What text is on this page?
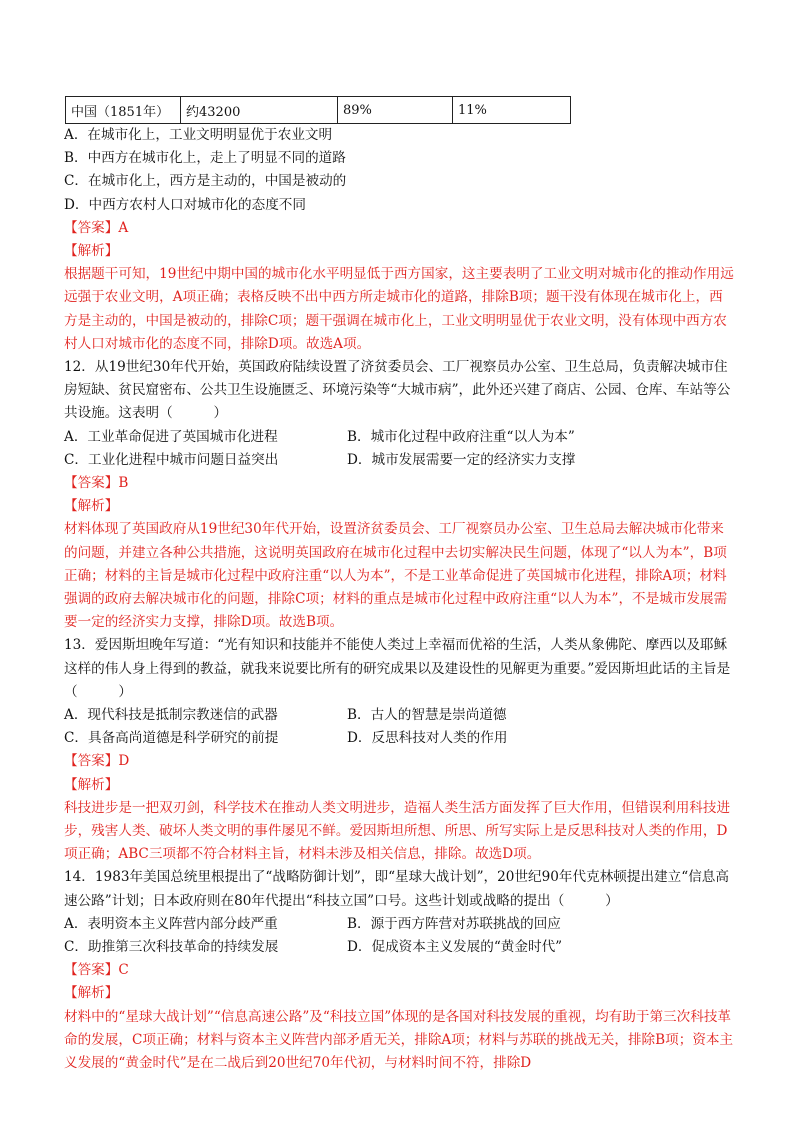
中国（1851年）	约43200	89%	11%
A．在城市化上，工业文明明显优于农业文明
B．中西方在城市化上，走上了明显不同的道路
C．在城市化上，西方是主动的，中国是被动的
D．中西方农村人口对城市化的态度不同
【答案】A
【解析】
根据题干可知，19世纪中期中国的城市化水平明显低于西方国家，这主要表明了工业文明对城市化的推动作用远远强于农业文明，A项正确；表格反映不出中西方所走城市化的道路，排除B项；题干没有体现在城市化上，西方是主动的，中国是被动的，排除C项；题干强调在城市化上，工业文明明显优于农业文明，没有体现中西方农村人口对城市化的态度不同，排除D项。故选A项。
12．从19世纪30年代开始，英国政府陆续设置了济贫委员会、工厂视察员办公室、卫生总局，负责解决城市住房短缺、贫民窟密布、公共卫生设施匮乏、环境污染等“大城市病”，此外还兴建了商店、公园、仓库、车站等公共设施。这表明（　　　）
A．工业革命促进了英国城市化进程	B．城市化过程中政府注重“以人为本”
C．工业化进程中城市问题日益突出	D．城市发展需要一定的经济实力支撑
【答案】B
【解析】
材料体现了英国政府从19世纪30年代开始，设置济贫委员会、工厂视察员办公室、卫生总局去解决城市化带来的问题，并建立各种公共措施，这说明英国政府在城市化过程中去切实解决民生问题，体现了“以人为本”，B项正确；材料的主旨是城市化过程中政府注重“以人为本”，不是工业革命促进了英国城市化进程，排除A项；材料强调的政府去解决城市化的问题，排除C项；材料的重点是城市化过程中政府注重“以人为本”，不是城市发展需要一定的经济实力支撑，排除D项。故选B项。
13．爱因斯坦晚年写道：“光有知识和技能并不能使人类过上幸福而优裕的生活，人类从象佛陀、摩西以及耶稣这样的伟人身上得到的教益，就我来说要比所有的研究成果以及建设性的见解更为重要。”爱因斯坦此话的主旨是（　　　）
A．现代科技是抵制宗教迷信的武器	B．古人的智慧是崇尚道德
C．具备高尚道德是科学研究的前提	D．反思科技对人类的作用
【答案】D
【解析】
科技进步是一把双刃剑，科学技术在推动人类文明进步，造福人类生活方面发挥了巨大作用，但错误利用科技进步，残害人类、破坏人类文明的事件屡见不鲜。爱因斯坦所想、所思、所写实际上是反思科技对人类的作用，D项正确；ABC三项都不符合材料主旨，材料未涉及相关信息，排除。故选D项。
14．1983年美国总统里根提出了“战略防御计划”，即“星球大战计划”，20世纪90年代克林顿提出建立“信息高速公路”计划；日本政府则在80年代提出“科技立国”口号。这些计划或战略的提出（　　　）
A．表明资本主义阵营内部分歧严重	B．源于西方阵营对苏联挑战的回应
C．助推第三次科技革命的持续发展	D．促成资本主义发展的“黄金时代”
【答案】C
【解析】
材料中的“星球大战计划”“信息高速公路”及“科技立国”体现的是各国对科技发展的重视，均有助于第三次科技革命的发展，C项正确；材料与资本主义阵营内部矛盾无关，排除A项；材料与苏联的挑战无关，排除B项；资本主义发展的“黄金时代”是在二战后到20世纪70年代初，与材料时间不符，排除D
